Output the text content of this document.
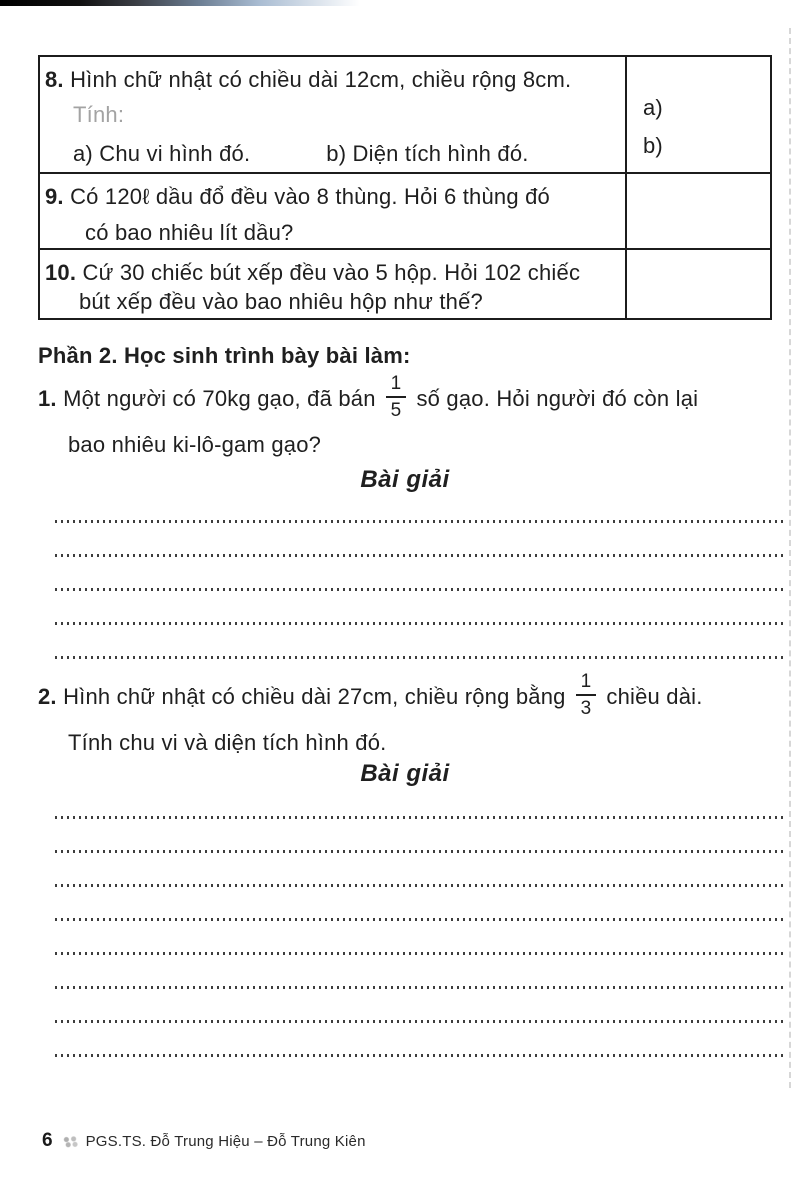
8. Hình chữ nhật có chiều dài 12cm, chiều rộng 8cm.
Tính:
a) Chu vi hình đó.	b) Diện tích hình đó.
a)
b)
9. Có 120ℓ dầu đổ đều vào 8 thùng. Hỏi 6 thùng đó
có bao nhiêu lít dầu?
10. Cứ 30 chiếc bút xếp đều vào 5 hộp. Hỏi 102 chiếc
bút xếp đều vào bao nhiêu hộp như thế?
Phần 2. Học sinh trình bày bài làm:
1. Một người có 70kg gạo, đã bán $\frac{1}{5}$ số gạo. Hỏi người đó còn lại
bao nhiêu ki-lô-gam gạo?
Bài giải
2. Hình chữ nhật có chiều dài 27cm, chiều rộng bằng $\frac{1}{3}$ chiều dài.
Tính chu vi và diện tích hình đó.
Bài giải
6 PGS.TS. Đỗ Trung Hiệu – Đỗ Trung Kiên
